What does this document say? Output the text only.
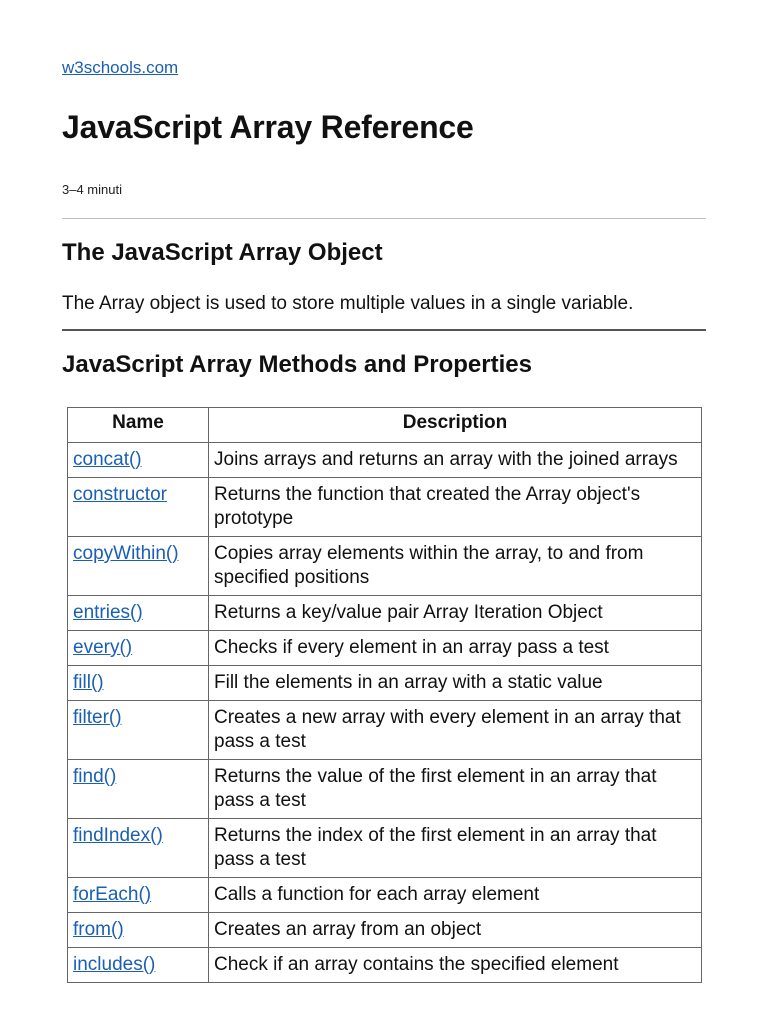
w3schools.com
JavaScript Array Reference
3–4 minuti
The JavaScript Array Object

The Array object is used to store multiple values in a single variable.

JavaScript Array Methods and Properties
Name	Description
concat()	Joins arrays and returns an array with the joined arrays
constructor	Returns the function that created the Array object's prototype
copyWithin()	Copies array elements within the array, to and from specified positions
entries()	Returns a key/value pair Array Iteration Object
every()	Checks if every element in an array pass a test
fill()	Fill the elements in an array with a static value
filter()	Creates a new array with every element in an array that pass a test
find()	Returns the value of the first element in an array that pass a test
findIndex()	Returns the index of the first element in an array that pass a test
forEach()	Calls a function for each array element
from()	Creates an array from an object
includes()	Check if an array contains the specified element
